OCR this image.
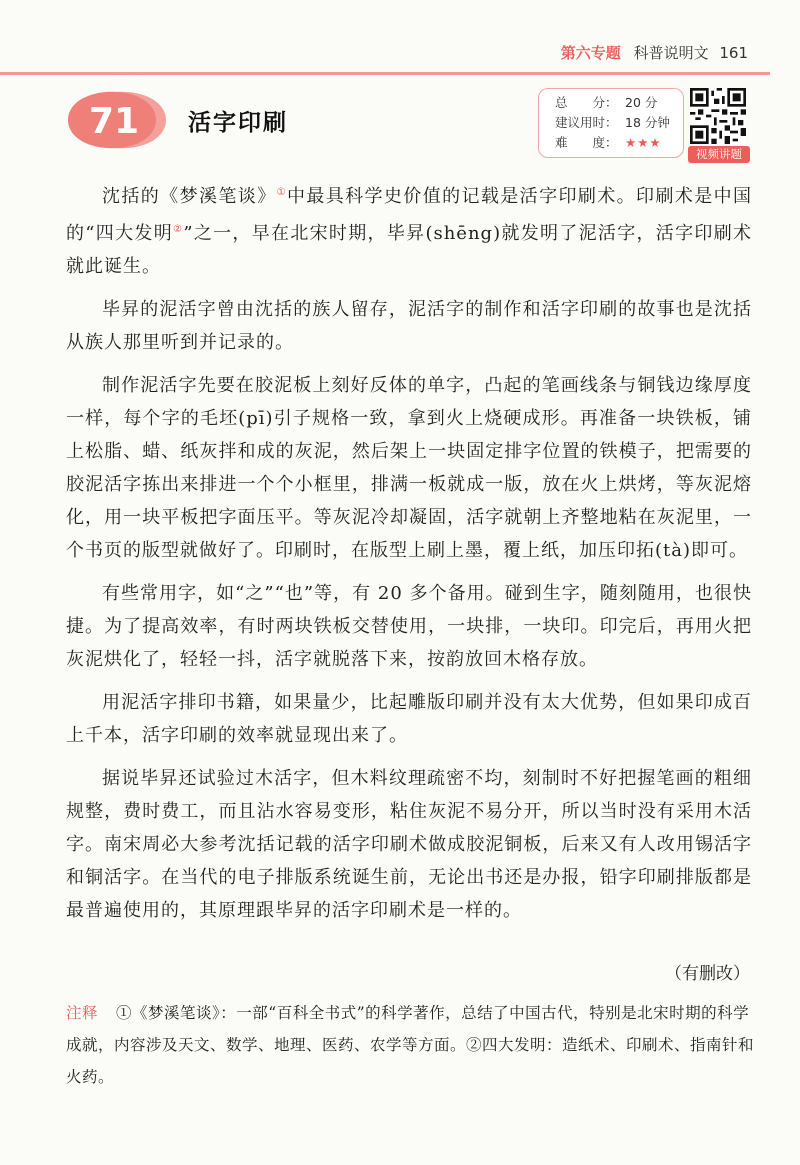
第六专题 科普说明文 161
71 活字印刷
总　　分： 20 分
建议用时： 18 分钟
难　　度： ★★★
视频讲题

沈括的《梦溪笔谈》①中最具科学史价值的记载是活字印刷术。印刷术是中国的“四大发明②”之一，早在北宋时期，毕昇(shēng)就发明了泥活字，活字印刷术就此诞生。

毕昇的泥活字曾由沈括的族人留存，泥活字的制作和活字印刷的故事也是沈括从族人那里听到并记录的。

制作泥活字先要在胶泥板上刻好反体的单字，凸起的笔画线条与铜钱边缘厚度一样，每个字的毛坯(pī)引子规格一致，拿到火上烧硬成形。再准备一块铁板，铺上松脂、蜡、纸灰拌和成的灰泥，然后架上一块固定排字位置的铁模子，把需要的胶泥活字拣出来排进一个个小框里，排满一板就成一版，放在火上烘烤，等灰泥熔化，用一块平板把字面压平。等灰泥冷却凝固，活字就朝上齐整地粘在灰泥里，一个书页的版型就做好了。印刷时，在版型上刷上墨，覆上纸，加压印拓(tà)即可。

有些常用字，如“之”“也”等，有 20 多个备用。碰到生字，随刻随用，也很快捷。为了提高效率，有时两块铁板交替使用，一块排，一块印。印完后，再用火把灰泥烘化了，轻轻一抖，活字就脱落下来，按韵放回木格存放。

用泥活字排印书籍，如果量少，比起雕版印刷并没有太大优势，但如果印成百上千本，活字印刷的效率就显现出来了。

据说毕昇还试验过木活字，但木料纹理疏密不均，刻制时不好把握笔画的粗细规整，费时费工，而且沾水容易变形，粘住灰泥不易分开，所以当时没有采用木活字。南宋周必大参考沈括记载的活字印刷术做成胶泥铜板，后来又有人改用锡活字和铜活字。在当代的电子排版系统诞生前，无论出书还是办报，铅字印刷排版都是最普遍使用的，其原理跟毕昇的活字印刷术是一样的。

（有删改）
注释 ①《梦溪笔谈》：一部“百科全书式”的科学著作，总结了中国古代，特别是北宋时期的科学成就，内容涉及天文、数学、地理、医药、农学等方面。②四大发明：造纸术、印刷术、指南针和火药。
